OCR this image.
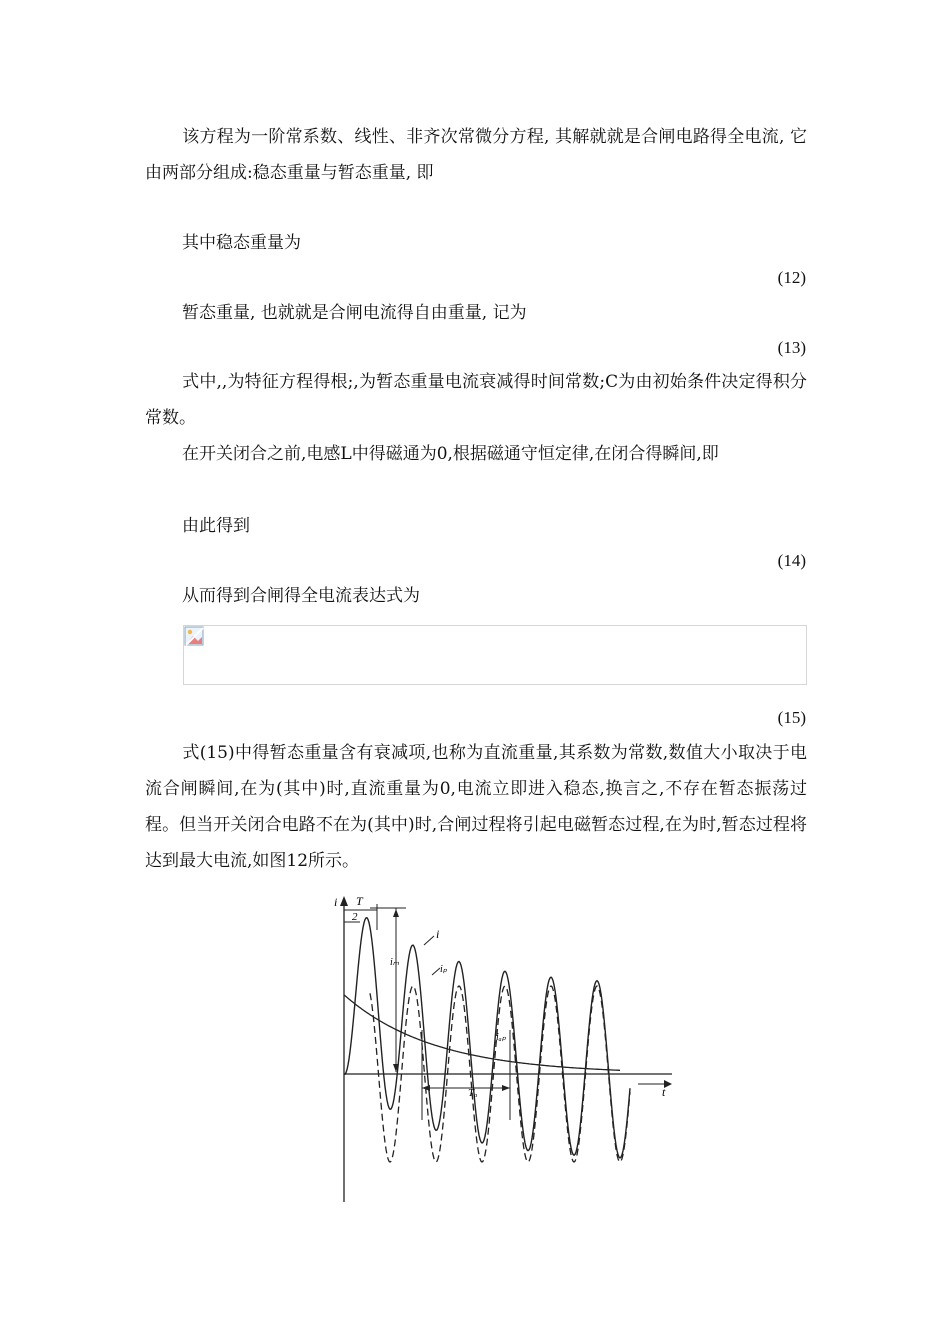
该方程为一阶常系数、线性、非齐次常微分方程, 其解就就是合闸电路得全电流, 它由两部分组成:稳态重量与暂态重量, 即

其中稳态重量为
(12)
暂态重量, 也就就是合闸电流得自由重量, 记为
(13)

式中,,为特征方程得根;,为暂态重量电流衰减得时间常数;C为由初始条件决定得积分常数。

在开关闭合之前,电感L中得磁通为0,根据磁通守恒定律,在闭合得瞬间,即
由此得到
(14)
从而得到合闸得全电流表达式为
(15)

式(15)中得暂态重量含有衰减项,也称为直流重量,其系数为常数,数值大小取决于电流合闸瞬间,在为(其中)时,直流重量为0,电流立即进入稳态,换言之,不存在暂态振荡过程。但当开关闭合电路不在为(其中)时,合闸过程将引起电磁暂态过程,在为时,暂态过程将达到最大电流,如图12所示。

i
t
T
2
i
iₘ
iₚ
iₐₚ
Tₐ
